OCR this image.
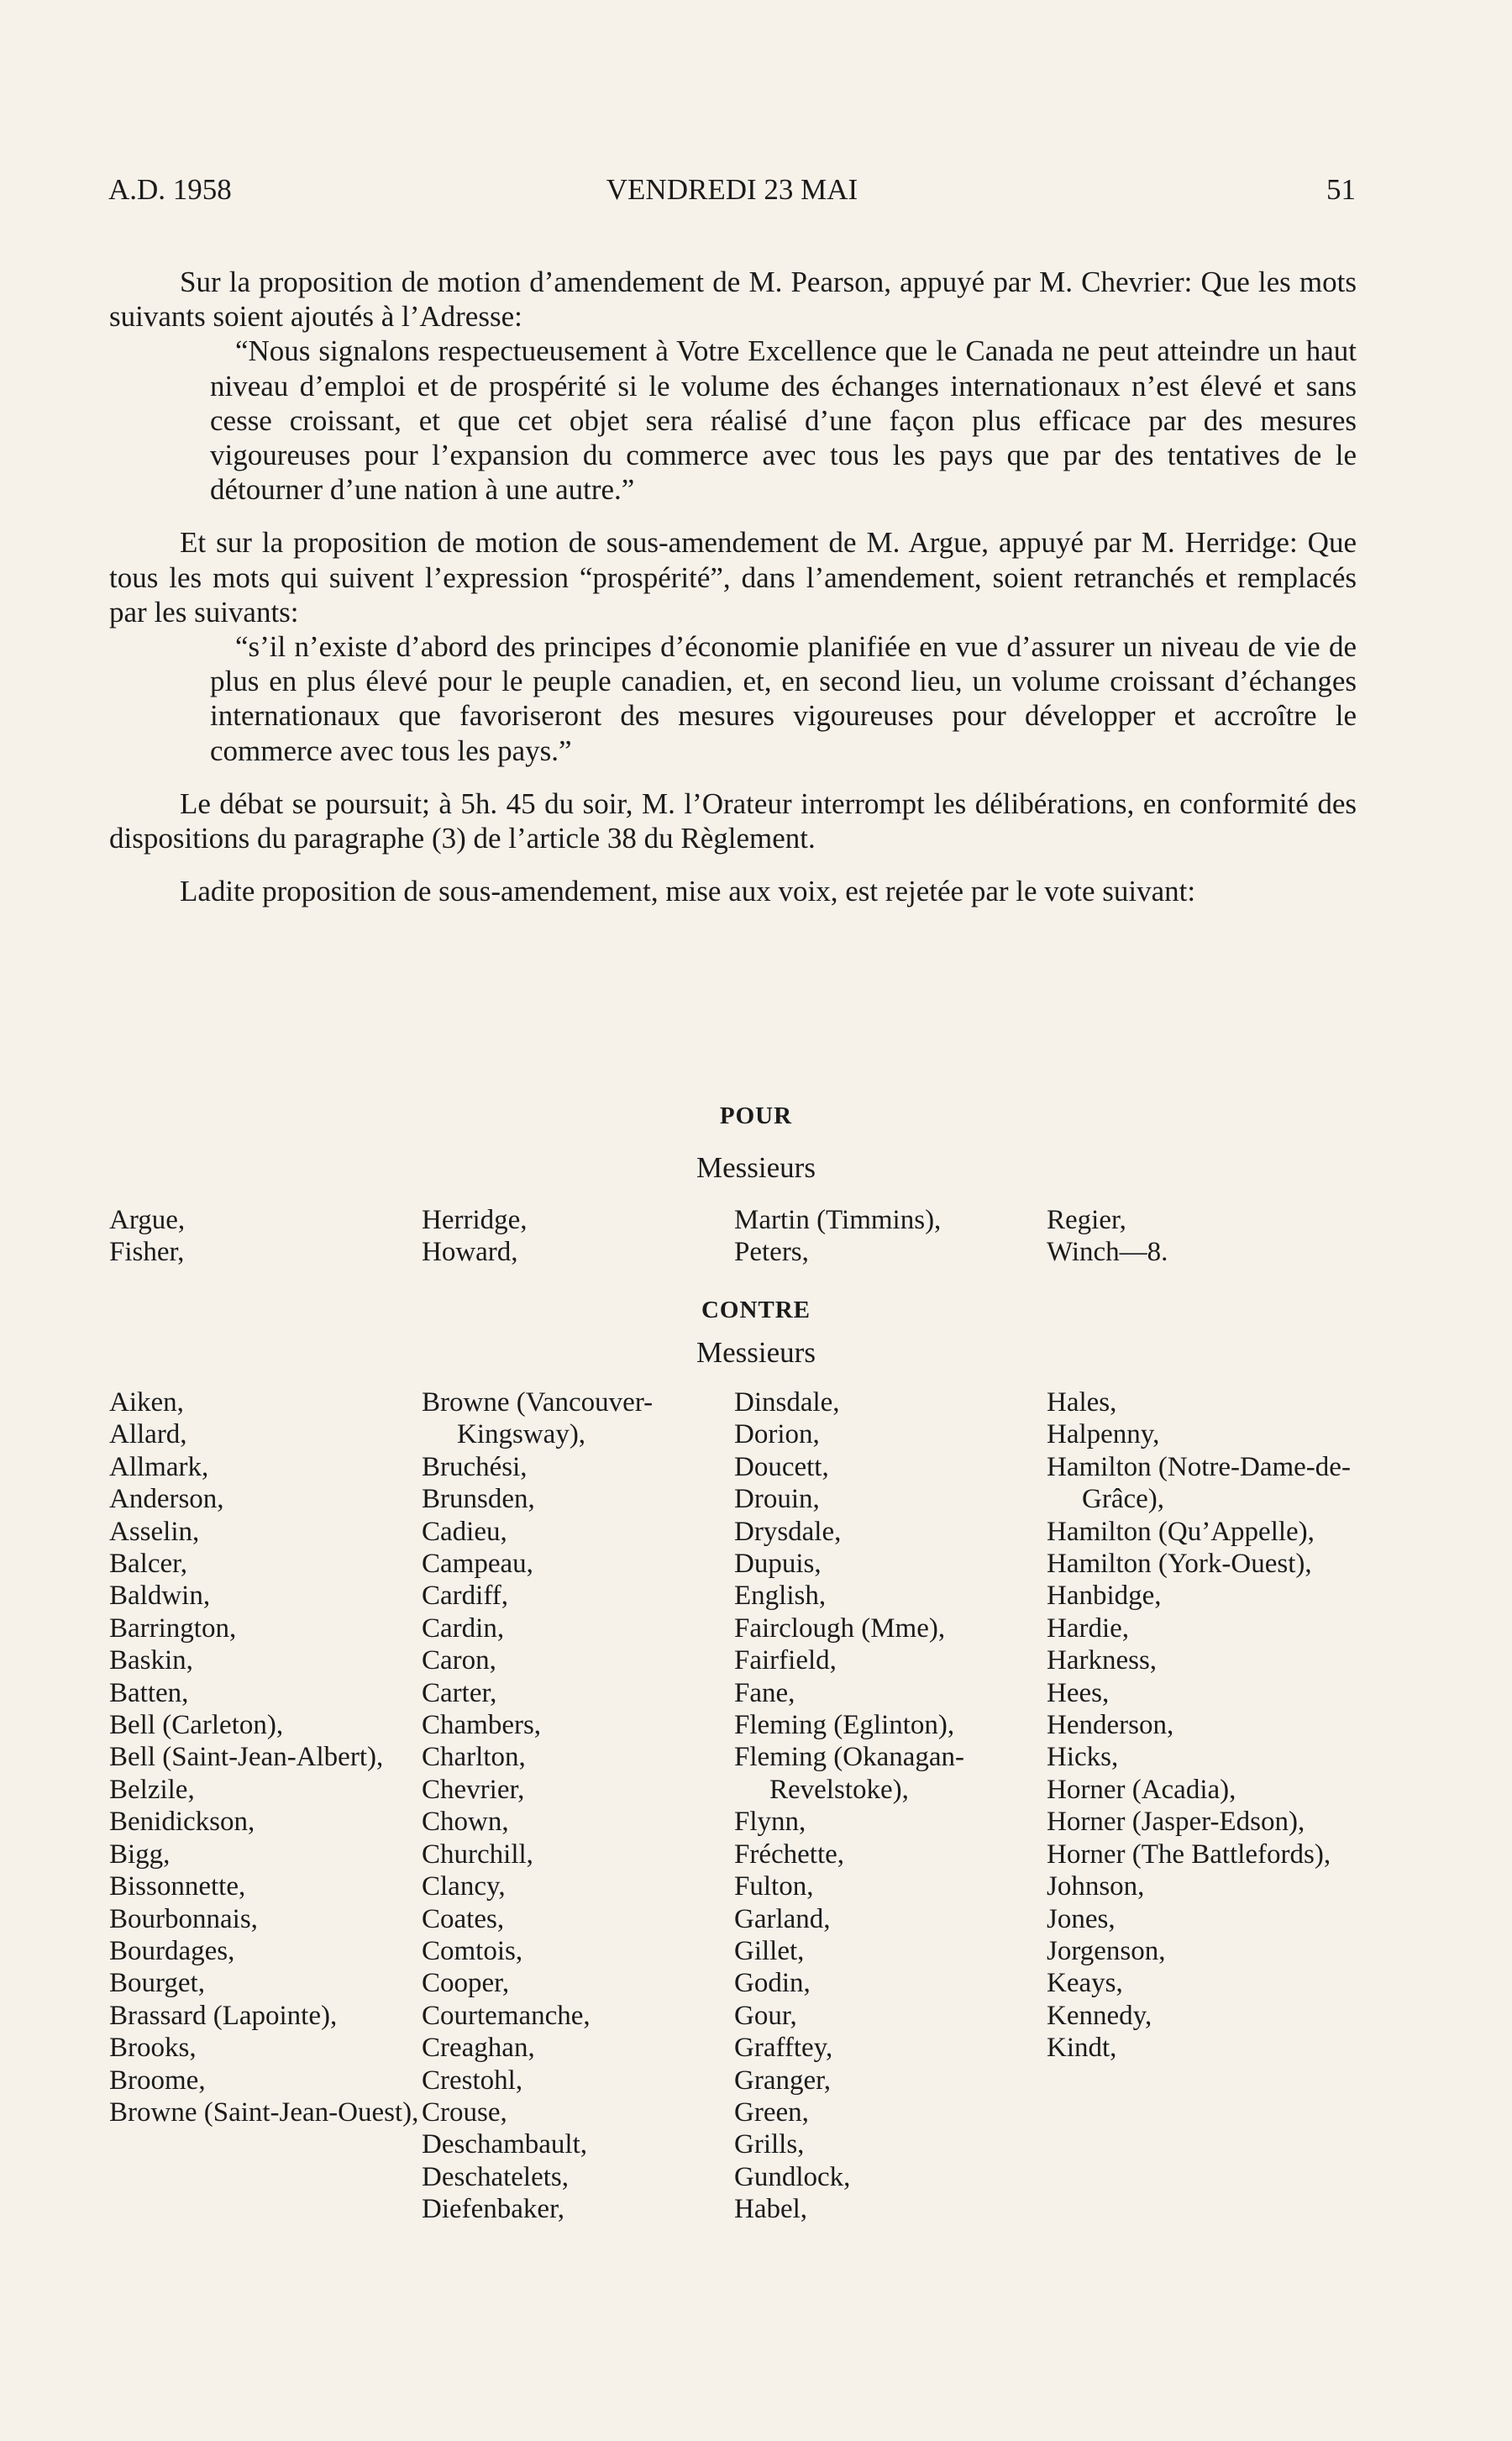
A.D. 1958	VENDREDI 23 MAI	51

Sur la proposition de motion d’amendement de M. Pearson, appuyé par M. Chevrier: Que les mots suivants soient ajoutés à l’Adresse:

“Nous signalons respectueusement à Votre Excellence que le Canada ne peut atteindre un haut niveau d’emploi et de prospérité si le volume des échanges internationaux n’est élevé et sans cesse croissant, et que cet objet sera réalisé d’une façon plus efficace par des mesures vigoureuses pour l’expansion du commerce avec tous les pays que par des tentatives de le détourner d’une nation à une autre.”

Et sur la proposition de motion de sous-amendement de M. Argue, appuyé par M. Herridge: Que tous les mots qui suivent l’expression “prospérité”, dans l’amendement, soient retranchés et remplacés par les suivants:

“s’il n’existe d’abord des principes d’économie planifiée en vue d’assurer un niveau de vie de plus en plus élevé pour le peuple canadien, et, en second lieu, un volume croissant d’échanges internationaux que favoriseront des mesures vigoureuses pour développer et accroître le commerce avec tous les pays.”

Le débat se poursuit; à 5h. 45 du soir, M. l’Orateur interrompt les délibérations, en conformité des dispositions du paragraphe (3) de l’article 38 du Règlement.

Ladite proposition de sous-amendement, mise aux voix, est rejetée par le vote suivant:

POUR
Messieurs
Argue,
Fisher,
Herridge,
Howard,
Martin (Timmins),
Peters,
Regier,
Winch—8.
CONTRE
Messieurs
Aiken,
Allard,
Allmark,
Anderson,
Asselin,
Balcer,
Baldwin,
Barrington,
Baskin,
Batten,
Bell (Carleton),
Bell (Saint-Jean-Albert),
Belzile,
Benidickson,
Bigg,
Bissonnette,
Bourbonnais,
Bourdages,
Bourget,
Brassard (Lapointe),
Brooks,
Broome,
Browne (Saint-Jean-Ouest),
Browne (Vancouver-Kingsway),
Bruchési,
Brunsden,
Cadieu,
Campeau,
Cardiff,
Cardin,
Caron,
Carter,
Chambers,
Charlton,
Chevrier,
Chown,
Churchill,
Clancy,
Coates,
Comtois,
Cooper,
Courtemanche,
Creaghan,
Crestohl,
Crouse,
Deschambault,
Deschatelets,
Diefenbaker,
Dinsdale,
Dorion,
Doucett,
Drouin,
Drysdale,
Dupuis,
English,
Fairclough (Mme),
Fairfield,
Fane,
Fleming (Eglinton),
Fleming (Okanagan-Revelstoke),
Flynn,
Fréchette,
Fulton,
Garland,
Gillet,
Godin,
Gour,
Grafftey,
Granger,
Green,
Grills,
Gundlock,
Habel,
Hales,
Halpenny,
Hamilton (Notre-Dame-de-Grâce),
Hamilton (Qu’Appelle),
Hamilton (York-Ouest),
Hanbidge,
Hardie,
Harkness,
Hees,
Henderson,
Hicks,
Horner (Acadia),
Horner (Jasper-Edson),
Horner (The Battlefords),
Johnson,
Jones,
Jorgenson,
Keays,
Kennedy,
Kindt,
